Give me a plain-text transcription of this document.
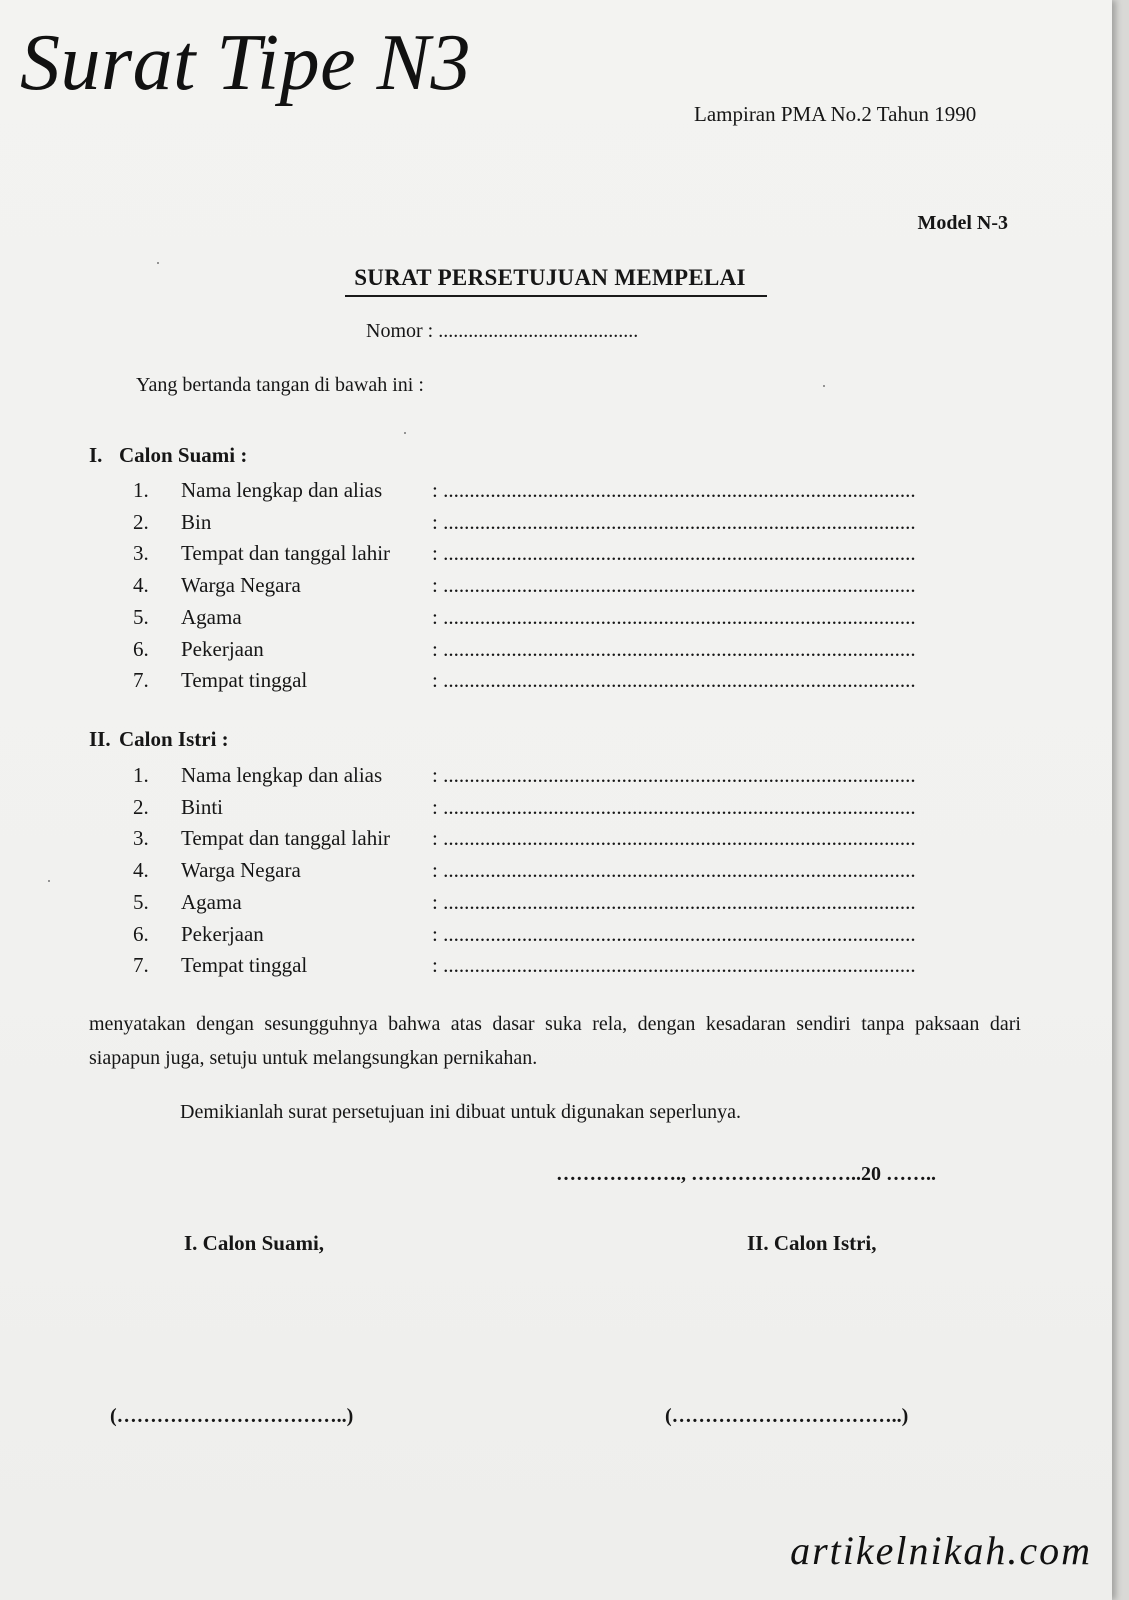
Surat Tipe N3
Lampiran PMA No.2 Tahun 1990
Model N-3
SURAT PERSETUJUAN MEMPELAI
Nomor : ........................................
Yang bertanda tangan di bawah ini :
I. Calon Suami :
1. Nama lengkap dan alias : ..........................................................................................
2. Bin	: ..........................................................................................
3. Tempat dan tanggal lahir : ..........................................................................................
4. Warga Negara	: ..........................................................................................
5. Agama	: ..........................................................................................
6. Pekerjaan	: ..........................................................................................
7. Tempat tinggal	: ..........................................................................................
II. Calon Istri :
1. Nama lengkap dan alias : ..........................................................................................
2. Binti	: ..........................................................................................
3. Tempat dan tanggal lahir : ..........................................................................................
4. Warga Negara	: ..........................................................................................
5. Agama	: ..........................................................................................
6. Pekerjaan	: ..........................................................................................
7. Tempat tinggal	: ..........................................................................................
menyatakan dengan sesungguhnya bahwa atas dasar suka rela, dengan kesadaran sendiri tanpa paksaan dari siapapun juga, setuju untuk melangsungkan pernikahan.
Demikianlah surat persetujuan ini dibuat untuk digunakan seperlunya.
………………., ……………………..20 ……..
I. Calon Suami,	II. Calon Istri,
(……………………………..)	(……………………………..)
artikelnikah.com
